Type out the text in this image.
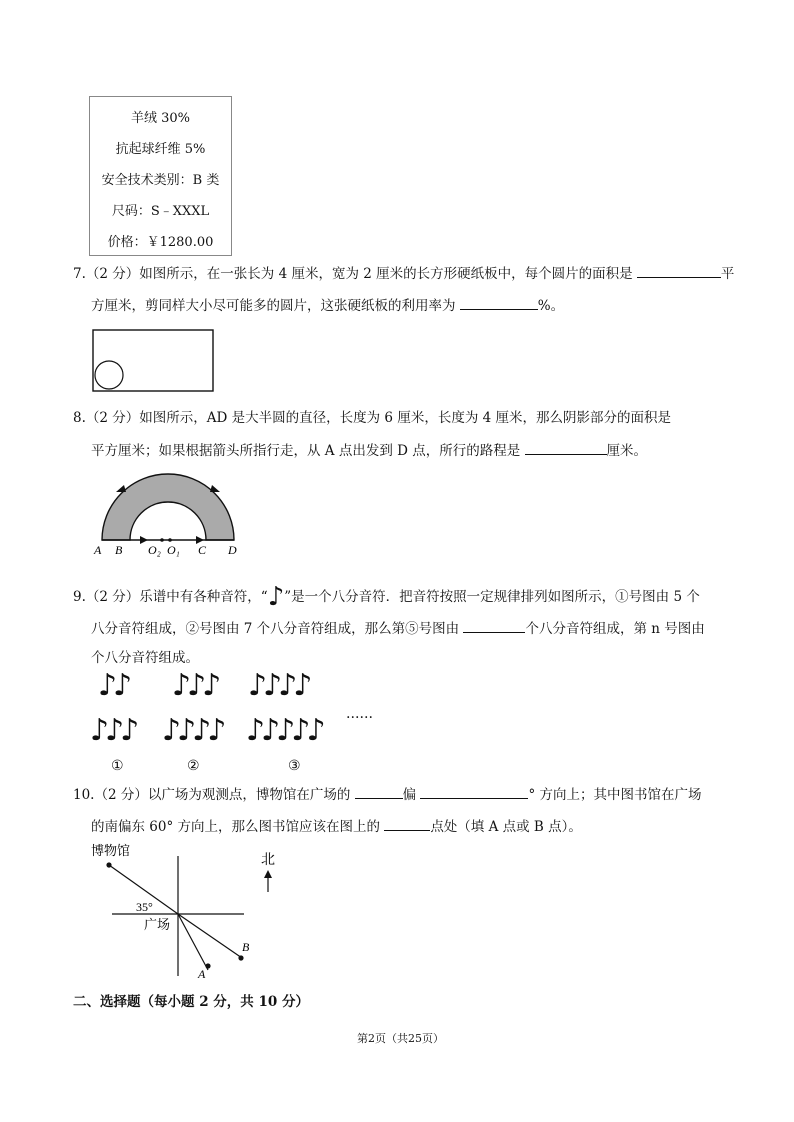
羊绒 30%
抗起球纤维 5%
安全技术类别：B 类
尺码：S﹣XXXL
价格：￥1280.00
7.（2 分）如图所示，在一张长为 4 厘米，宽为 2 厘米的长方形硬纸板中，每个圆片的面积是	平
方厘米，剪同样大小尽可能多的圆片，这张硬纸板的利用率为	%。
8.（2 分）如图所示，AD 是大半圆的直径，长度为 6 厘米，长度为 4 厘米，那么阴影部分的面积是
平方厘米；如果根据箭头所指行走，从 A 点出发到 D 点，所行的路程是	厘米。
A B O₂ O₁ C D
9.（2 分）乐谱中有各种音符，“♪”是一个八分音符．把音符按照一定规律排列如图所示，①号图由 5 个
八分音符组成，②号图由 7 个八分音符组成，那么第⑤号图由	个八分音符组成，第 n 号图由
个八分音符组成。
♪♪
♪♪♪
①
♪♪♪
♪♪♪♪
②
♪♪♪♪
♪♪♪♪♪
③
……
10.（2 分）以广场为观测点，博物馆在广场的	偏	° 方向上；其中图书馆在广场
的南偏东 60° 方向上，那么图书馆应该在图上的	点处（填 A 点或 B 点）。
博物馆
北
35°
广场
A
B
二、选择题（每小题 2 分，共 10 分）
第2页（共25页）
